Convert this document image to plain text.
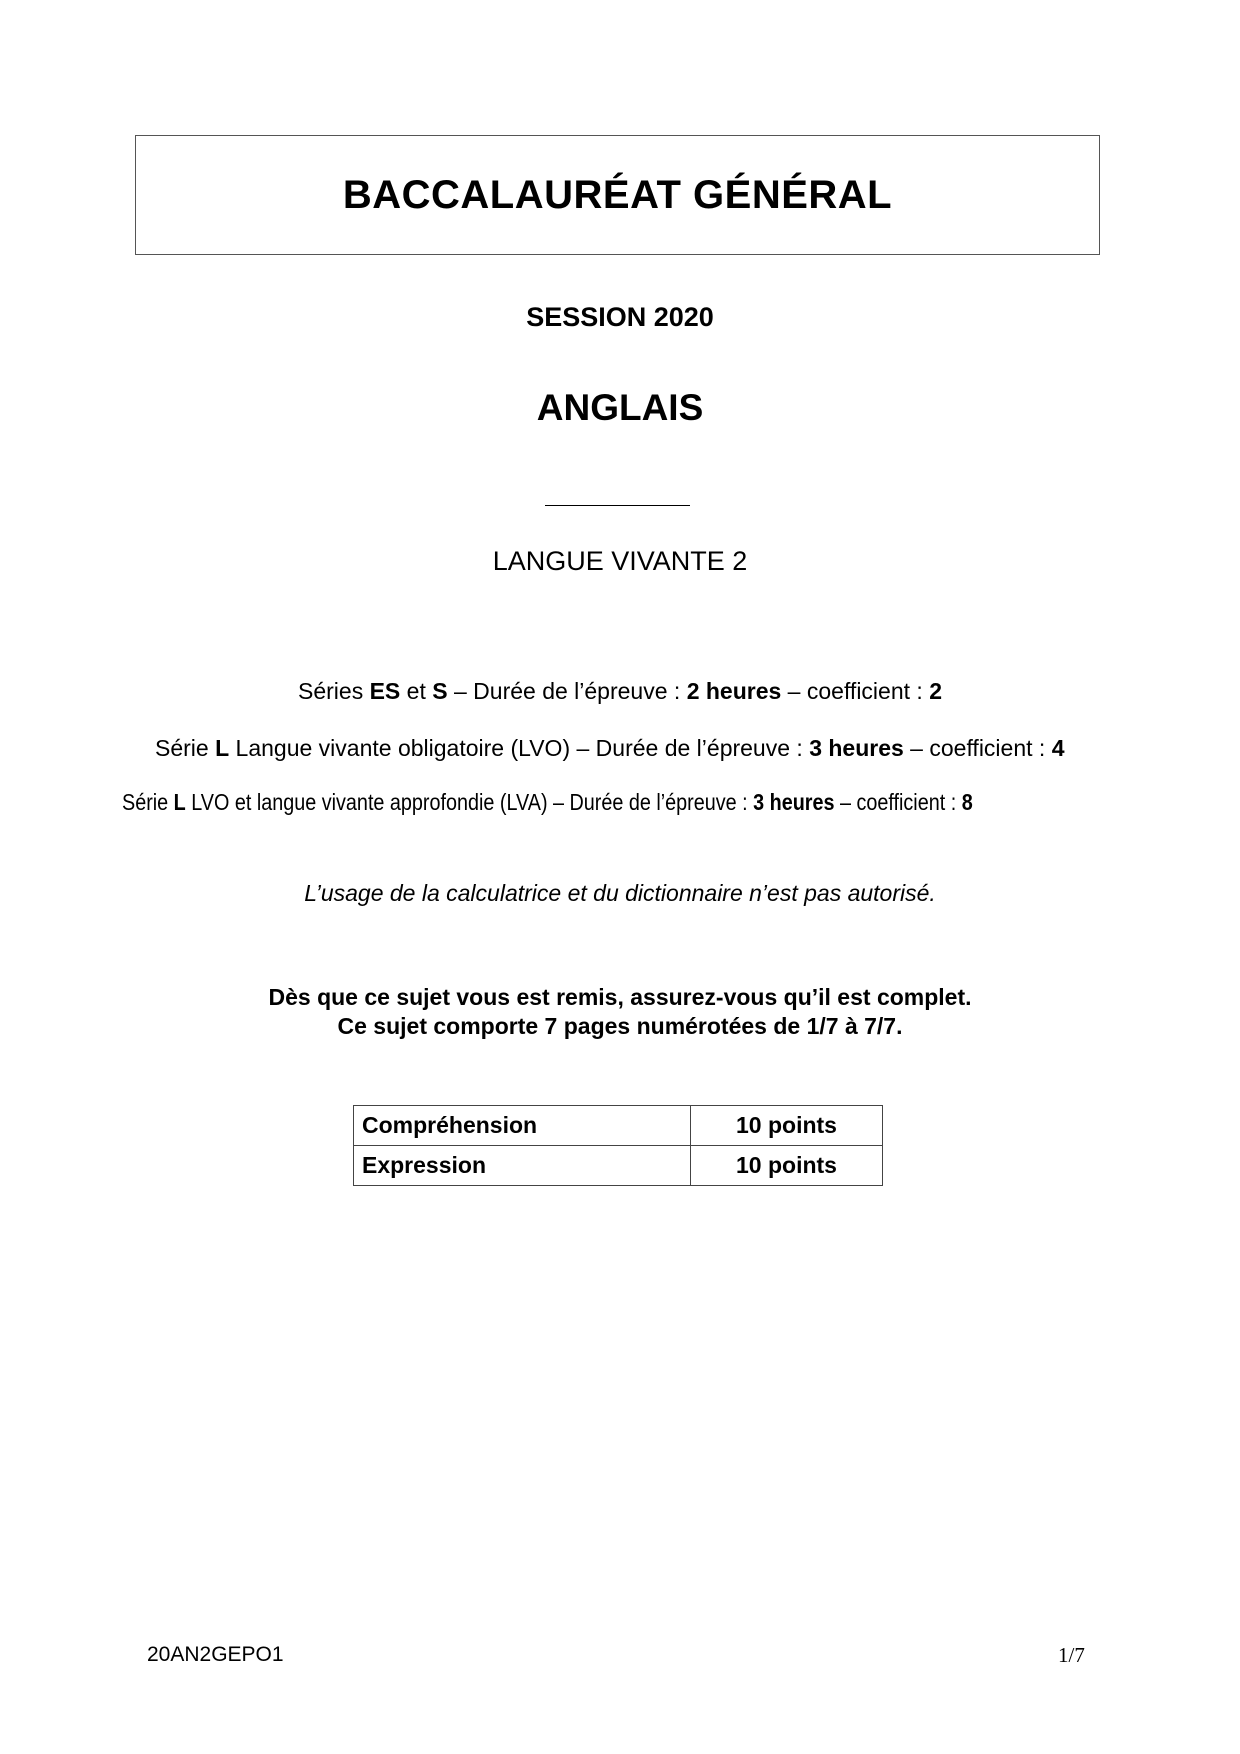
BACCALAURÉAT GÉNÉRAL
SESSION 2020
ANGLAIS
LANGUE VIVANTE 2
Séries ES et S – Durée de l’épreuve : 2 heures – coefficient : 2
Série L Langue vivante obligatoire (LVO) – Durée de l’épreuve : 3 heures – coefficient : 4
Série L LVO et langue vivante approfondie (LVA) – Durée de l’épreuve : 3 heures – coefficient : 8
L’usage de la calculatrice et du dictionnaire n’est pas autorisé.
Dès que ce sujet vous est remis, assurez-vous qu’il est complet.
Ce sujet comporte 7 pages numérotées de 1/7 à 7/7.
Compréhension	10 points
Expression	10 points
20AN2GEPO1	1/7
